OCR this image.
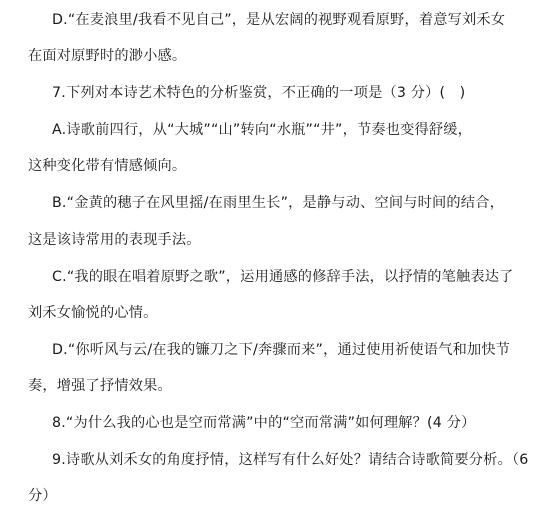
D.“在麦浪里/我看不见自己”，是从宏阔的视野观看原野，着意写刘禾女
在面对原野时的渺小感。
7.下列对本诗艺术特色的分析鉴赏，不正确的一项是（3 分）(　)
A.诗歌前四行，从“大城”“山”转向“水瓶”“井”，节奏也变得舒缓，
这种变化带有情感倾向。
B.“金黄的穗子在风里摇/在雨里生长”，是静与动、空间与时间的结合，
这是该诗常用的表现手法。
C.“我的眼在唱着原野之歌”，运用通感的修辞手法，以抒情的笔触表达了
刘禾女愉悦的心情。
D.“你听风与云/在我的镰刀之下/奔骤而来”，通过使用祈使语气和加快节
奏，增强了抒情效果。
8.“为什么我的心也是空而常满”中的“空而常满”如何理解？(4 分）
9.诗歌从刘禾女的角度抒情，这样写有什么好处？请结合诗歌简要分析。（6
分）
